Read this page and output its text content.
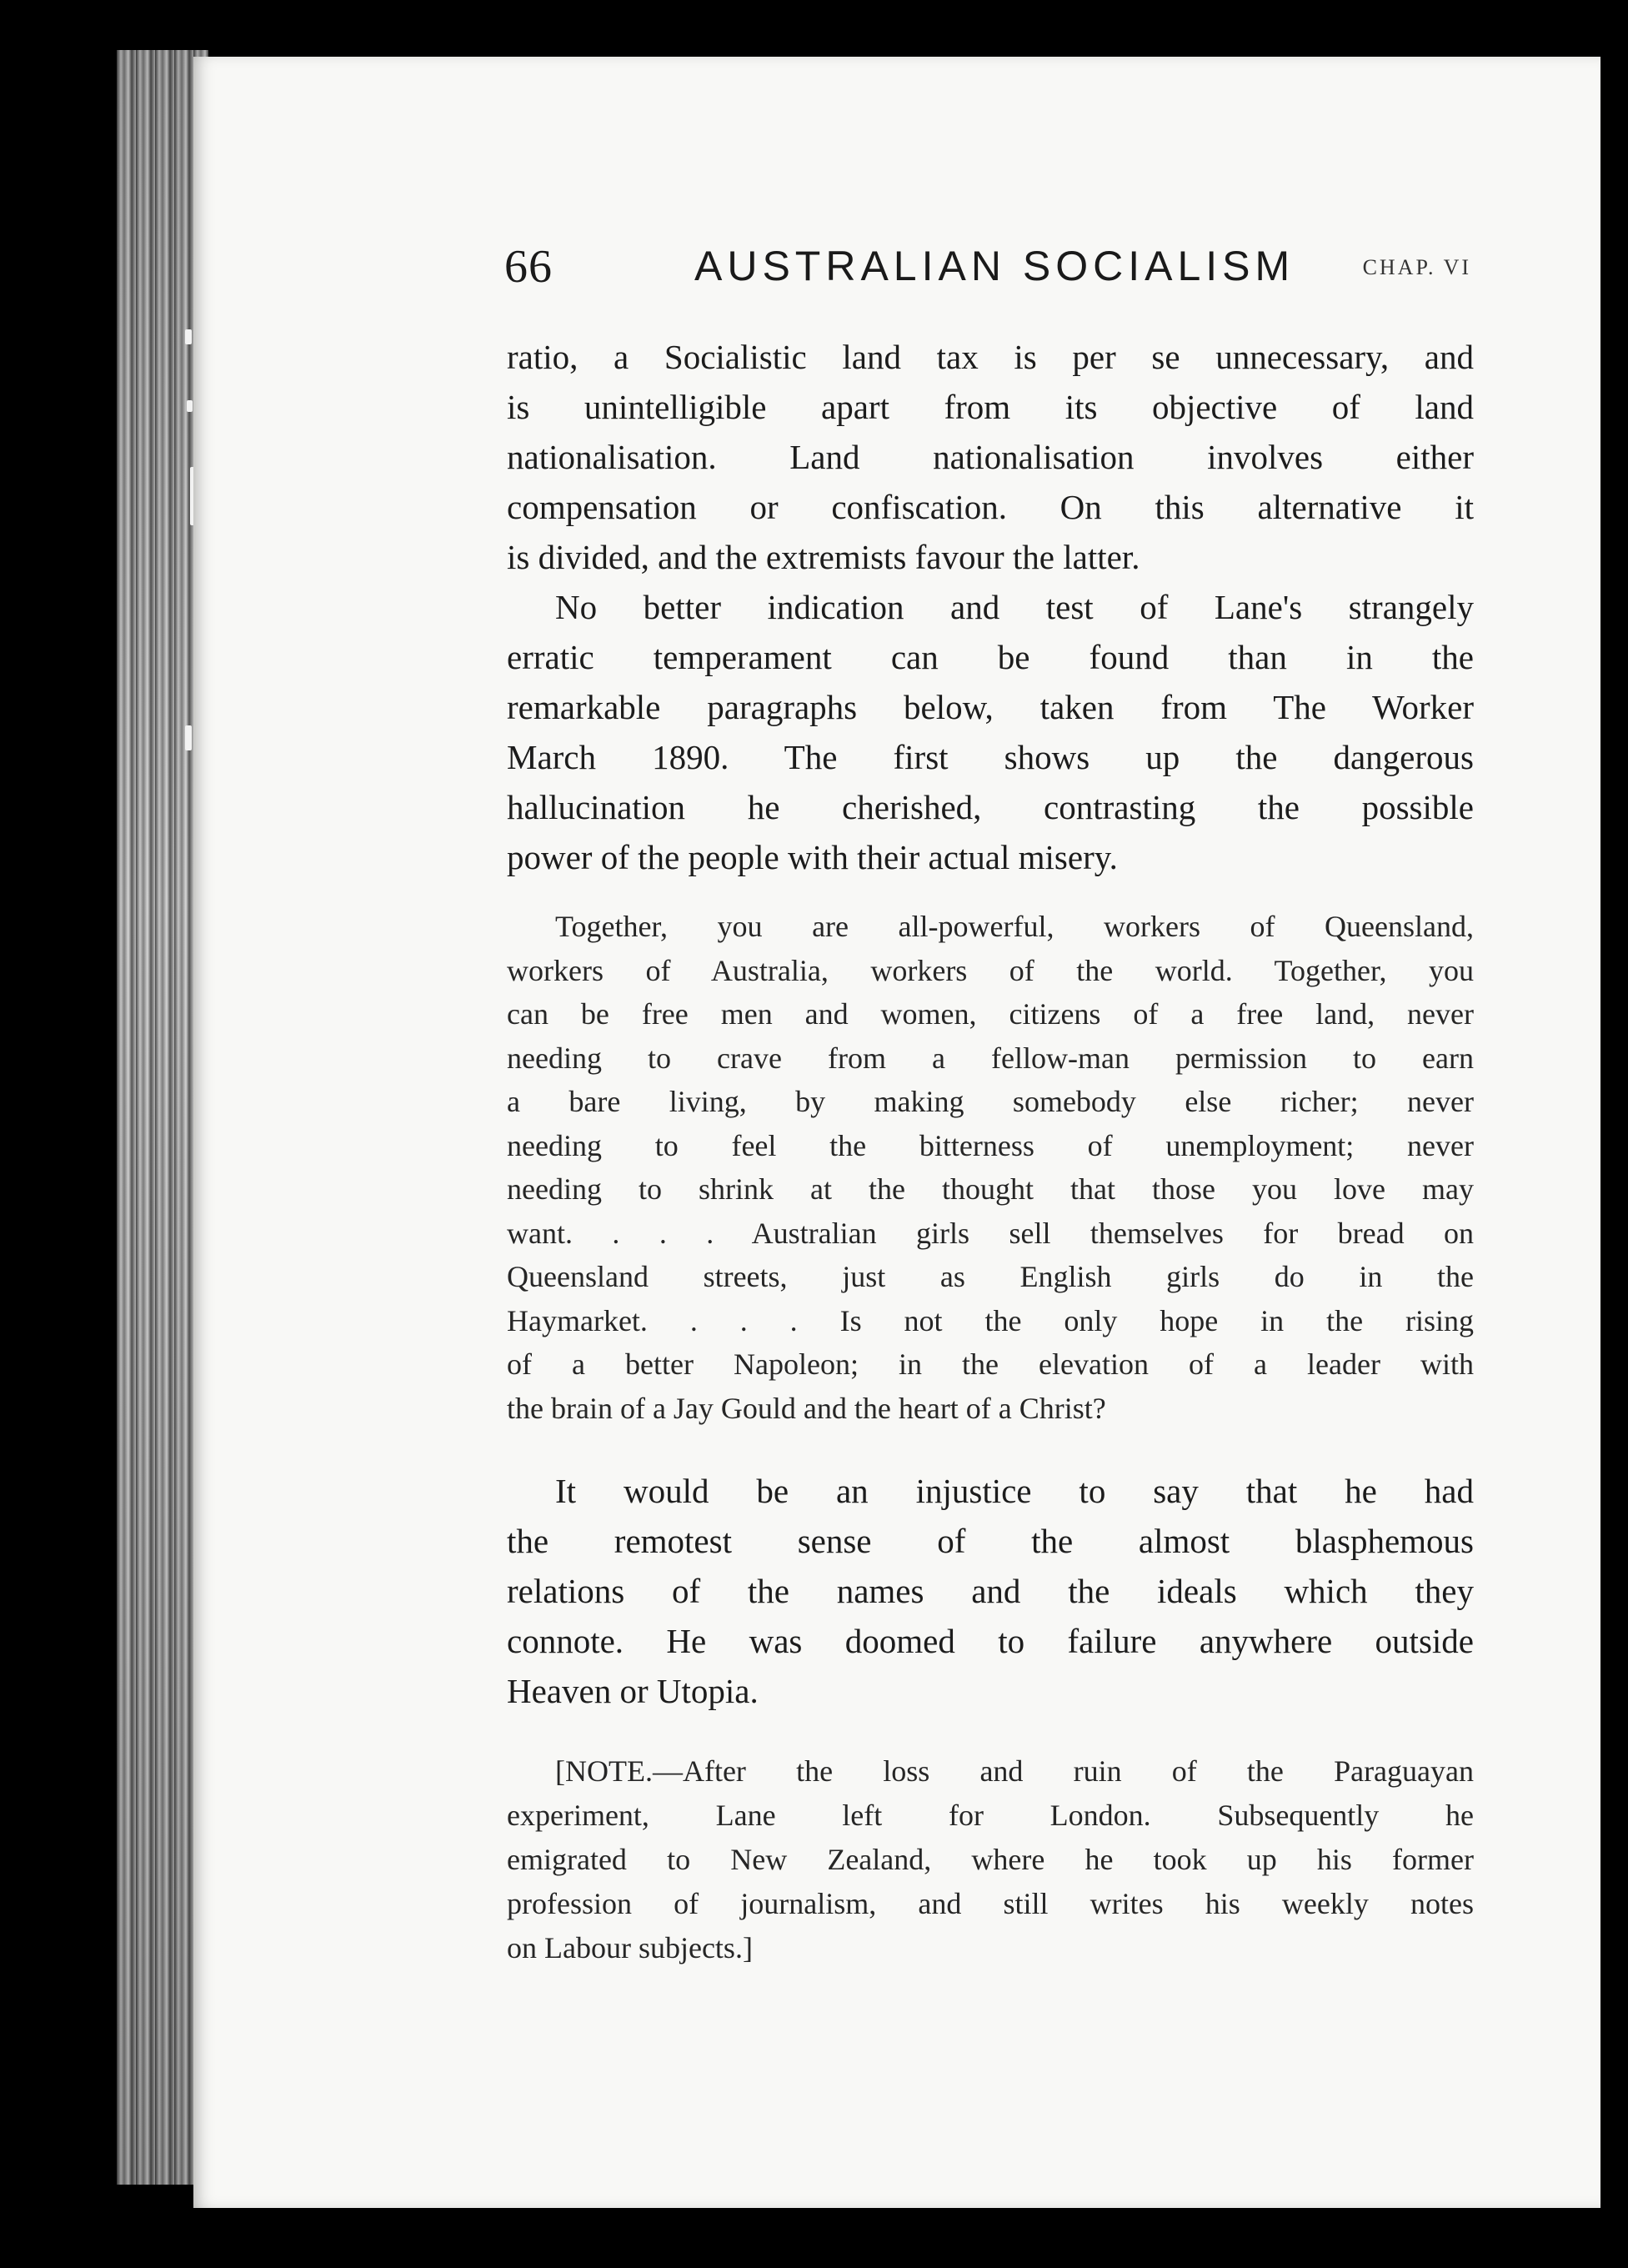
66	AUSTRALIAN SOCIALISM	CHAP. VI
ratio, a Socialistic land tax is per se unnecessary, and
is unintelligible apart from its objective of land
nationalisation. Land nationalisation involves either
compensation or confiscation. On this alternative it
is divided, and the extremists favour the latter.
No better indication and test of Lane's strangely
erratic temperament can be found than in the
remarkable paragraphs below, taken from The Worker
March 1890. The first shows up the dangerous
hallucination he cherished, contrasting the possible
power of the people with their actual misery.
Together, you are all-powerful, workers of Queensland,
workers of Australia, workers of the world. Together, you
can be free men and women, citizens of a free land, never
needing to crave from a fellow-man permission to earn
a bare living, by making somebody else richer; never
needing to feel the bitterness of unemployment; never
needing to shrink at the thought that those you love may
want. . . . Australian girls sell themselves for bread on
Queensland streets, just as English girls do in the
Haymarket. . . . Is not the only hope in the rising
of a better Napoleon; in the elevation of a leader with
the brain of a Jay Gould and the heart of a Christ?
It would be an injustice to say that he had
the remotest sense of the almost blasphemous
relations of the names and the ideals which they
connote. He was doomed to failure anywhere outside
Heaven or Utopia.
[NOTE.—After the loss and ruin of the Paraguayan
experiment, Lane left for London. Subsequently he
emigrated to New Zealand, where he took up his former
profession of journalism, and still writes his weekly notes
on Labour subjects.]
